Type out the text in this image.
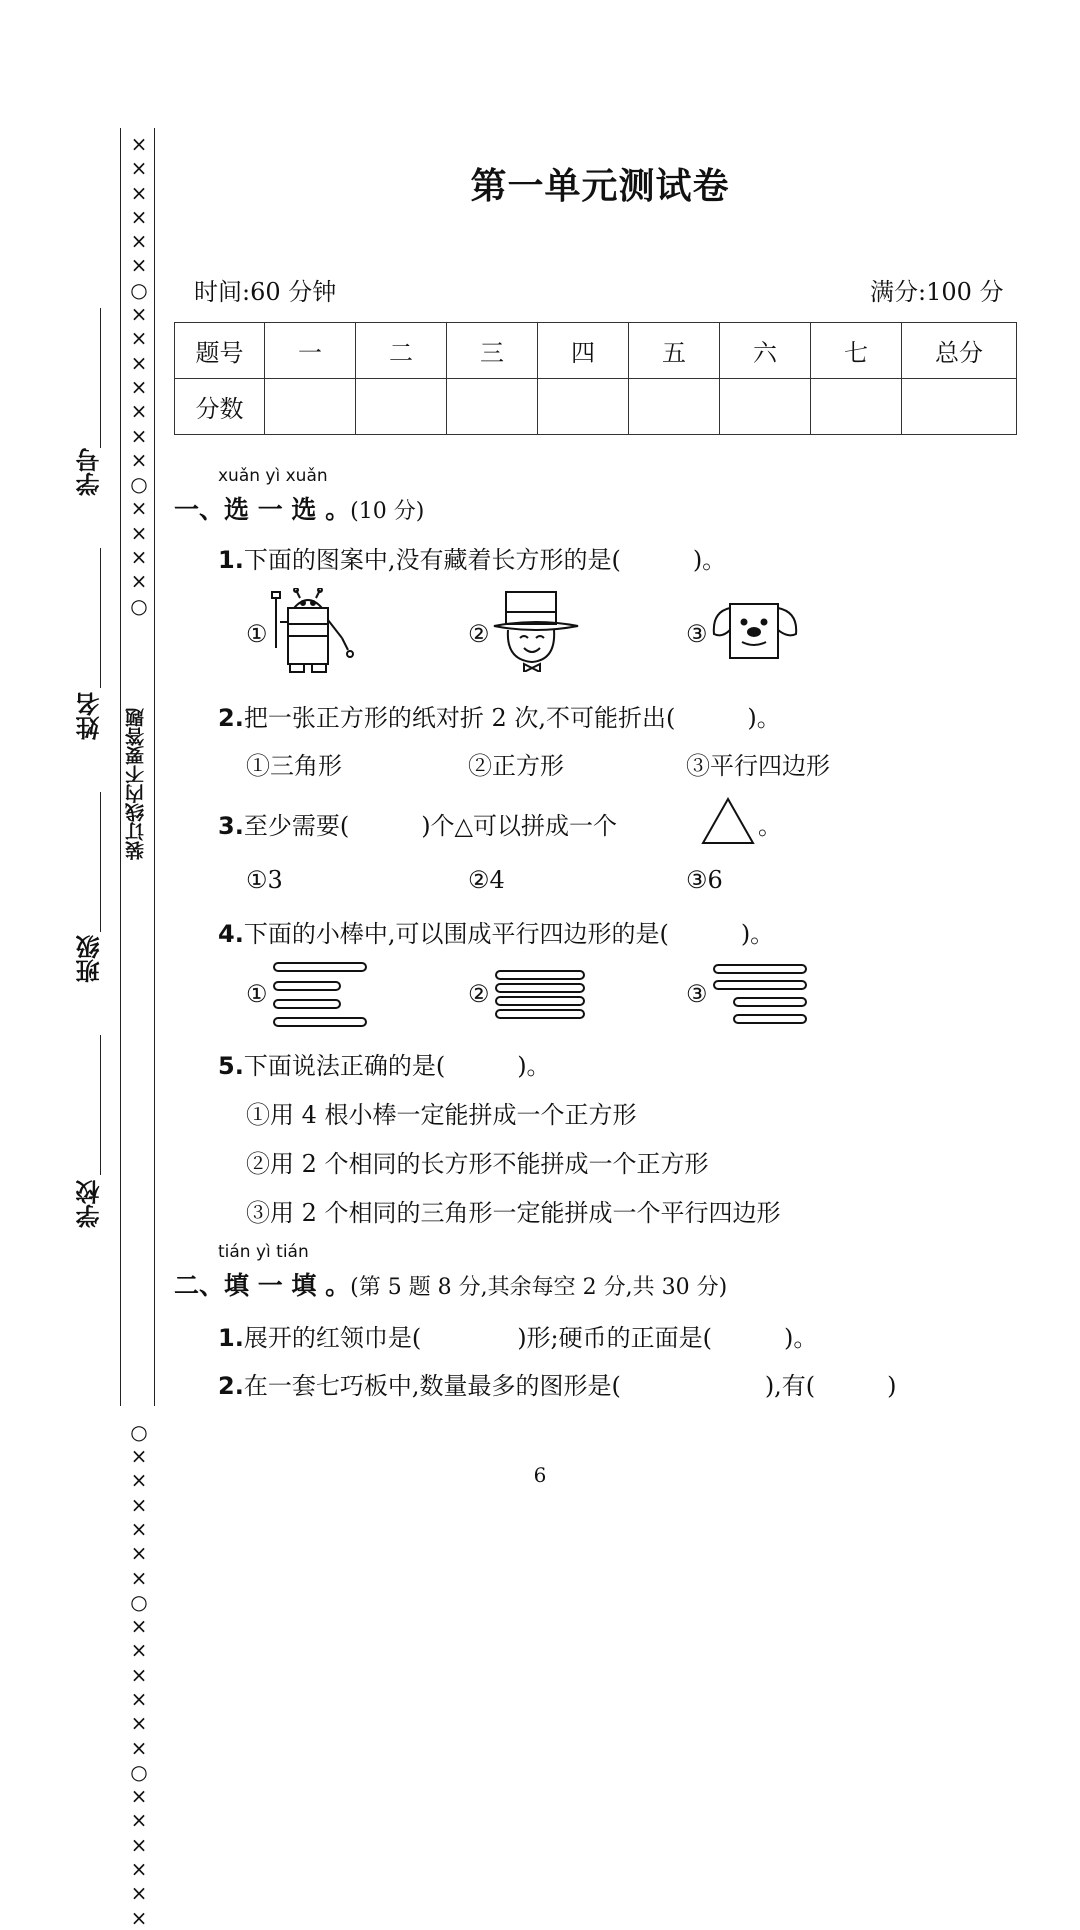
×
×
×
×
×
×
○
×
×
×
×
×
×
×
○
×
×
×
×
○
○
×
×
×
×
×
×
○
×
×
×
×
×
×
○
×
×
×
×
×
×
学号
姓名
班级
学校
装订线内不要答题
第一单元测试卷
时间:60 分钟	满分:100 分
题号	一	二	三	四	五	六	七	总分
分数								
xuǎn yì xuǎn
一、选 一 选 。(10 分)
1.下面的图案中,没有藏着长方形的是(　　　)。
①	②	③
2.把一张正方形的纸对折 2 次,不可能折出(　　　)。
①三角形	②正方形	③平行四边形
3.至少需要(　　　)个△可以拼成一个	。
①3	②4	③6
4.下面的小棒中,可以围成平行四边形的是(　　　)。
①	②	③
5.下面说法正确的是(　　　)。
①用 4 根小棒一定能拼成一个正方形
②用 2 个相同的长方形不能拼成一个正方形
③用 2 个相同的三角形一定能拼成一个平行四边形
tián yì tián
二、填 一 填 。(第 5 题 8 分,其余每空 2 分,共 30 分)
1.展开的红领巾是(　　　　)形;硬币的正面是(　　　)。
2.在一套七巧板中,数量最多的图形是(　　　　　　),有(　　　)
6
